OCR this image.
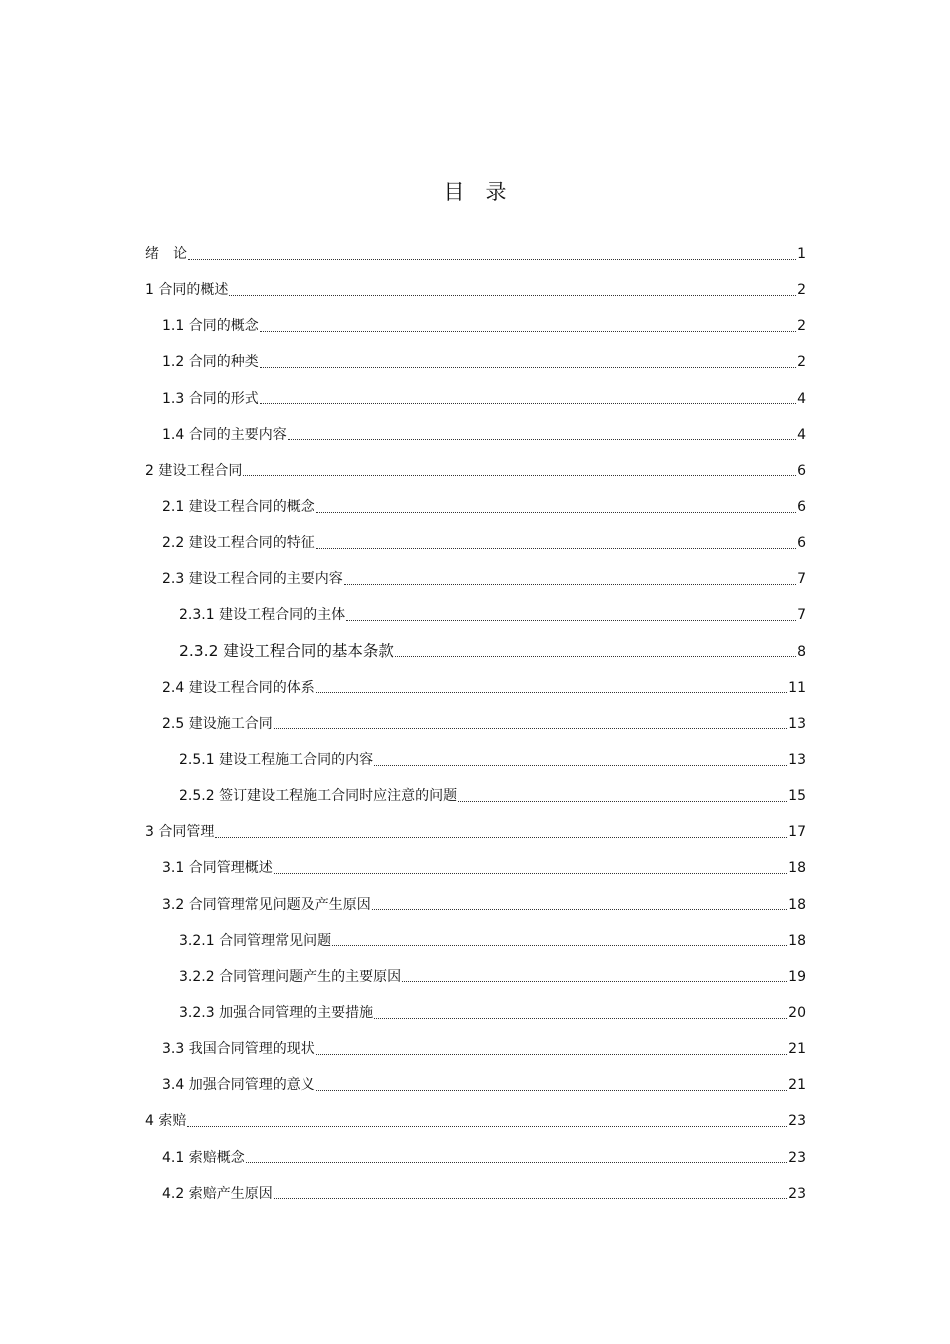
目　录
绪　论	1
1 合同的概述	2
1.1 合同的概念	2
1.2 合同的种类	2
1.3 合同的形式	4
1.4 合同的主要内容	4
2 建设工程合同	6
2.1 建设工程合同的概念	6
2.2 建设工程合同的特征	6
2.3 建设工程合同的主要内容	7
2.3.1 建设工程合同的主体	7
2.3.2 建设工程合同的基本条款	8
2.4 建设工程合同的体系	11
2.5 建设施工合同	13
2.5.1 建设工程施工合同的内容	13
2.5.2 签订建设工程施工合同时应注意的问题	15
3 合同管理	17
3.1 合同管理概述	18
3.2 合同管理常见问题及产生原因	18
3.2.1 合同管理常见问题	18
3.2.2 合同管理问题产生的主要原因	19
3.2.3 加强合同管理的主要措施	20
3.3 我国合同管理的现状	21
3.4 加强合同管理的意义	21
4 索赔	23
4.1 索赔概念	23
4.2 索赔产生原因	23
